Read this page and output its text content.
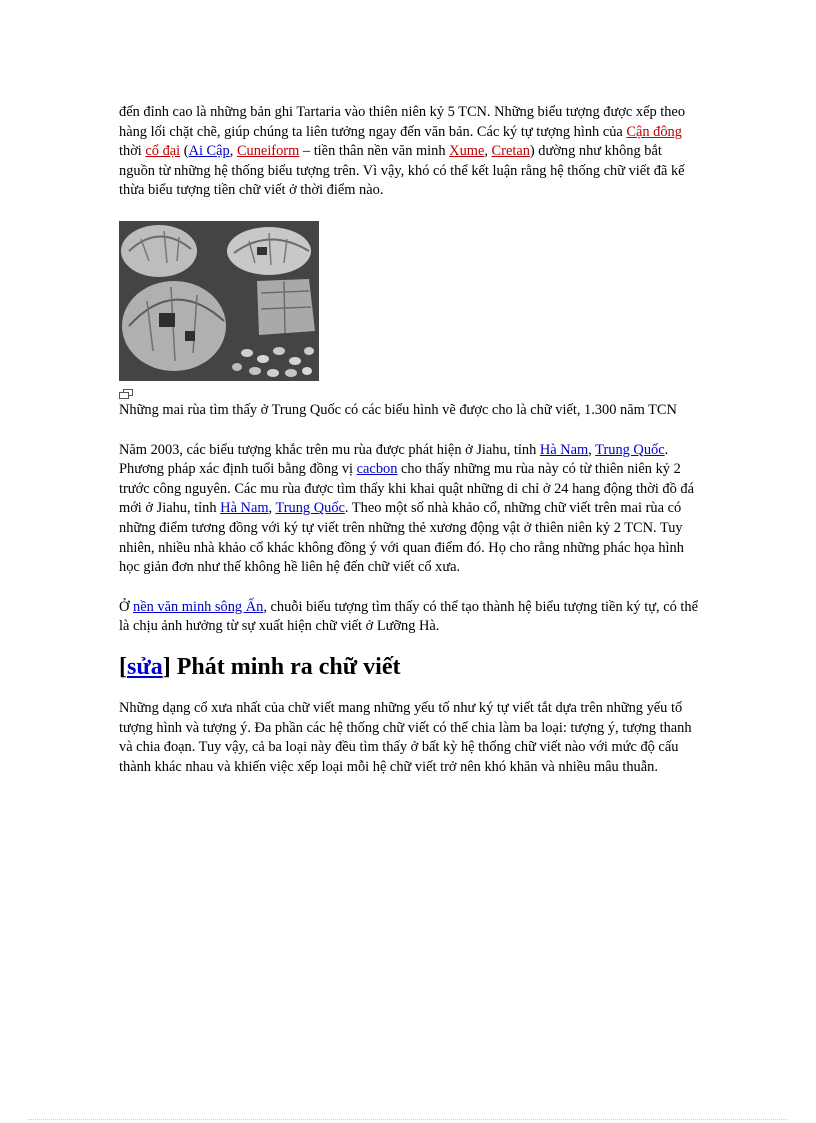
đến đỉnh cao là những bản ghi Tartaria vào thiên niên kỷ 5 TCN. Những biểu tượng được xếp theo hàng lối chặt chẽ, giúp chúng ta liên tưởng ngay đến văn bản. Các ký tự tượng hình của Cận đông thời cổ đại (Ai Cập, Cuneiform – tiền thân nền văn minh Xume, Cretan) dường như không bắt nguồn từ những hệ thống biểu tượng trên. Vì vậy, khó có thể kết luận rằng hệ thống chữ viết đã kế thừa biểu tượng tiền chữ viết ở thời điểm nào.

Những mai rùa tìm thấy ở Trung Quốc có các biểu hình vẽ được cho là chữ viết, 1.300 năm TCN

Năm 2003, các biểu tượng khắc trên mu rùa được phát hiện ở Jiahu, tỉnh Hà Nam, Trung Quốc. Phương pháp xác định tuổi bằng đồng vị cacbon cho thấy những mu rùa này có từ thiên niên kỷ 2 trước công nguyên. Các mu rùa được tìm thấy khi khai quật những di chỉ ở 24 hang động thời đồ đá mới ở Jiahu, tỉnh Hà Nam, Trung Quốc. Theo một số nhà khảo cổ, những chữ viết trên mai rùa có những điểm tương đồng với ký tự viết trên những thẻ xương động vật ở thiên niên kỷ 2 TCN. Tuy nhiên, nhiều nhà khảo cổ khác không đồng ý với quan điểm đó. Họ cho rằng những phác họa hình học giản đơn như thế không hề liên hệ đến chữ viết cổ xưa.

Ở nền văn minh sông Ấn, chuỗi biểu tượng tìm thấy có thể tạo thành hệ biểu tượng tiền ký tự, có thể là chịu ảnh hưởng từ sự xuất hiện chữ viết ở Lưỡng Hà.

[sửa] Phát minh ra chữ viết

Những dạng cổ xưa nhất của chữ viết mang những yếu tố như ký tự viết tắt dựa trên những yếu tố tượng hình và tượng ý. Đa phần các hệ thống chữ viết có thể chia làm ba loại: tượng ý, tượng thanh và chia đoạn. Tuy vậy, cả ba loại này đều tìm thấy ở bất kỳ hệ thống chữ viết nào với mức độ cấu thành khác nhau và khiến việc xếp loại mỗi hệ chữ viết trở nên khó khăn và nhiều mâu thuẫn.
